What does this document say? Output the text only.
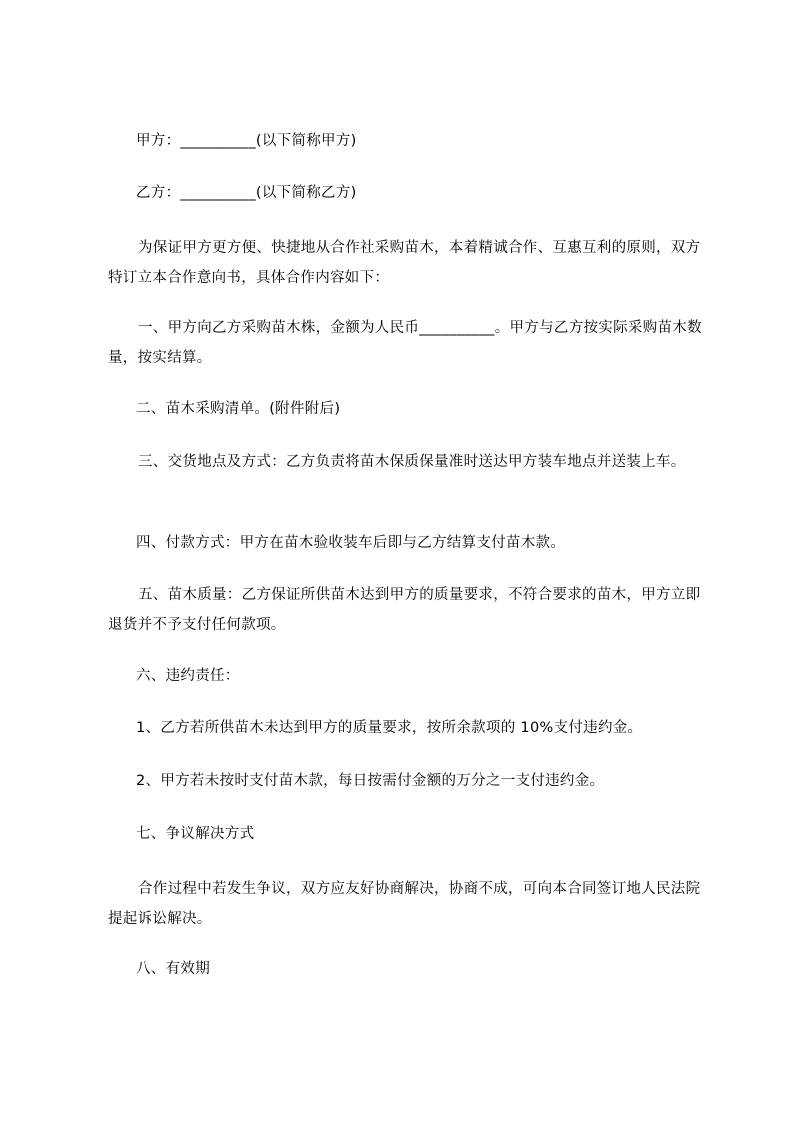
甲方：__________(以下简称甲方)
乙方：__________(以下简称乙方)
为保证甲方更方便、快捷地从合作社采购苗木，本着精诚合作、互惠互利的原则，双方特订立本合作意向书，具体合作内容如下：
一、甲方向乙方采购苗木株，金额为人民币__________。甲方与乙方按实际采购苗木数量，按实结算。
二、苗木采购清单。(附件附后)
三、交货地点及方式：乙方负责将苗木保质保量准时送达甲方装车地点并送装上车。
四、付款方式：甲方在苗木验收装车后即与乙方结算支付苗木款。
五、苗木质量：乙方保证所供苗木达到甲方的质量要求，不符合要求的苗木，甲方立即退货并不予支付任何款项。
六、违约责任：
1、乙方若所供苗木未达到甲方的质量要求，按所余款项的 10%支付违约金。
2、甲方若未按时支付苗木款，每日按需付金额的万分之一支付违约金。
七、争议解决方式
合作过程中若发生争议，双方应友好协商解决，协商不成，可向本合同签订地人民法院提起诉讼解决。
八、有效期
